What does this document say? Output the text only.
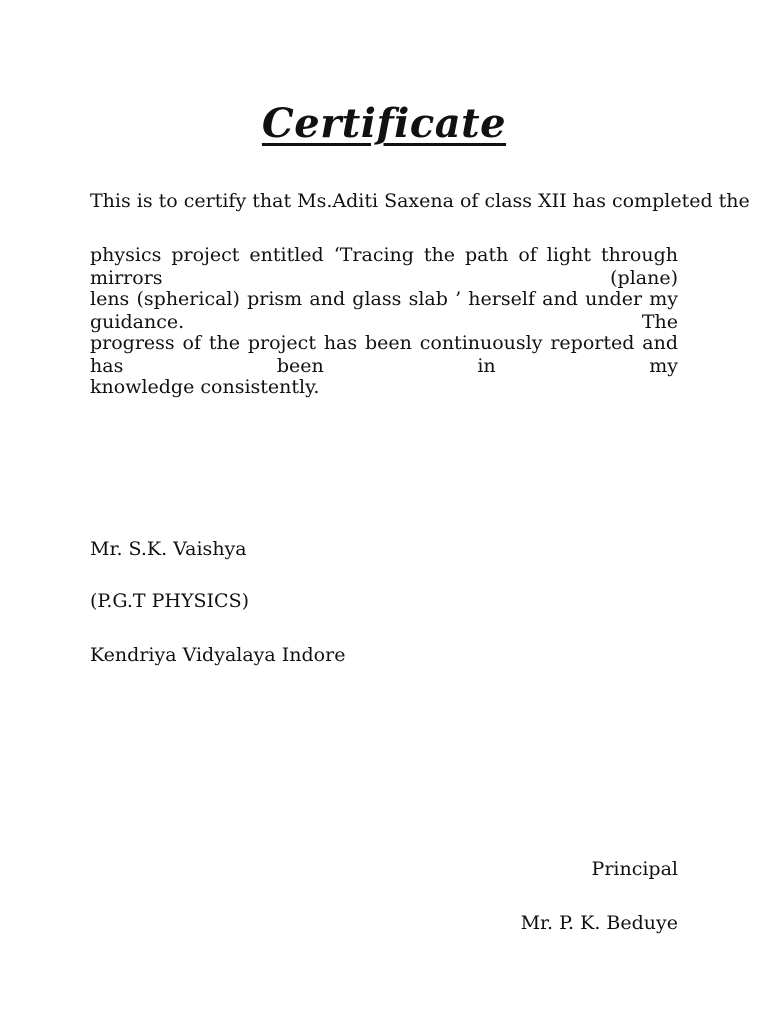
Certificate
This is to certify that Ms.Aditi Saxena of class XII has completed the
physics project entitled ‘Tracing the path of light through mirrors (plane)
lens (spherical) prism and glass slab ’ herself and under my guidance. The
progress of the project has been continuously reported and has been in my
knowledge consistently.
Mr. S.K. Vaishya
(P.G.T PHYSICS)
Kendriya Vidyalaya Indore
Principal
Mr. P. K. Beduye
